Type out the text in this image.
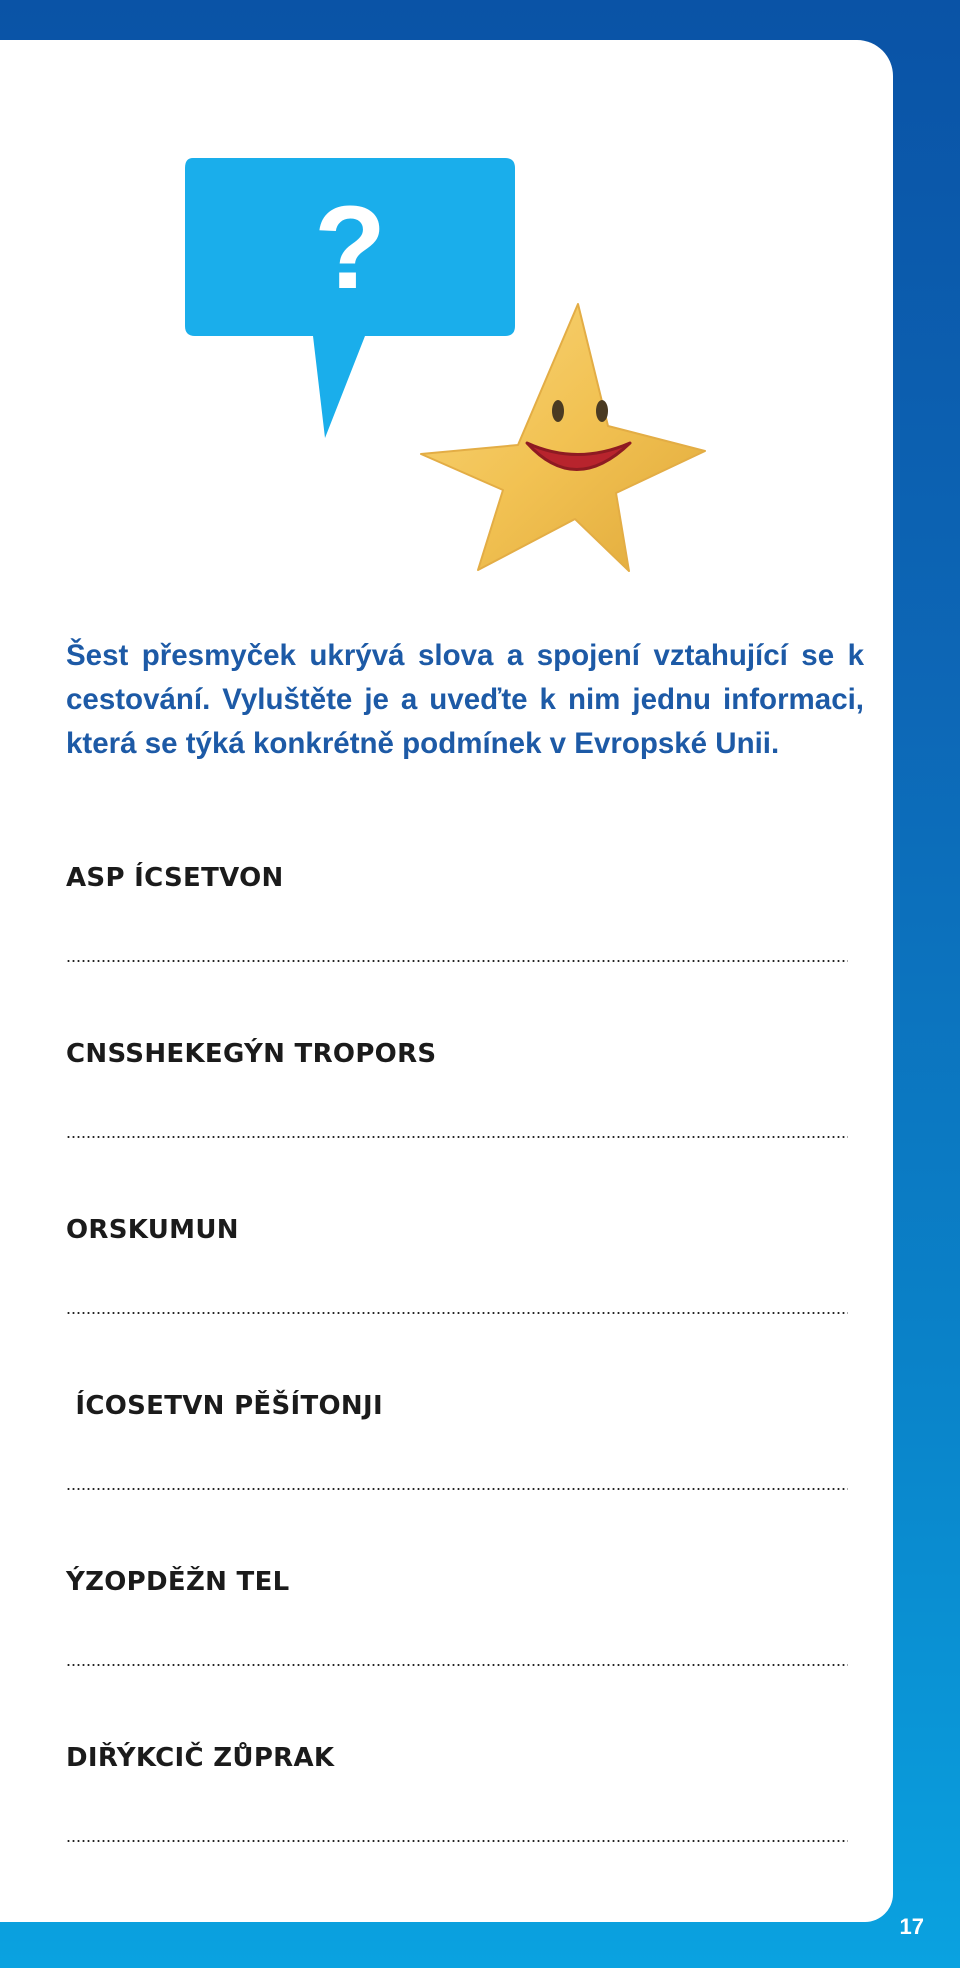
?

Šest přesmyček ukrývá slova a spojení vztahující se k cestování. Vyluštěte je a uveďte k nim jednu informaci, která se týká konkrétně podmínek v Evropské Unii.

ASP ÍCSETVON
CNSSHEKEGÝN TROPORS
ORSKUMUN
ÍCOSETVN PĚŠÍTONJI
ÝZOPDĚŽN TEL
DIŘÝKCIČ ZŮPRAK
17
